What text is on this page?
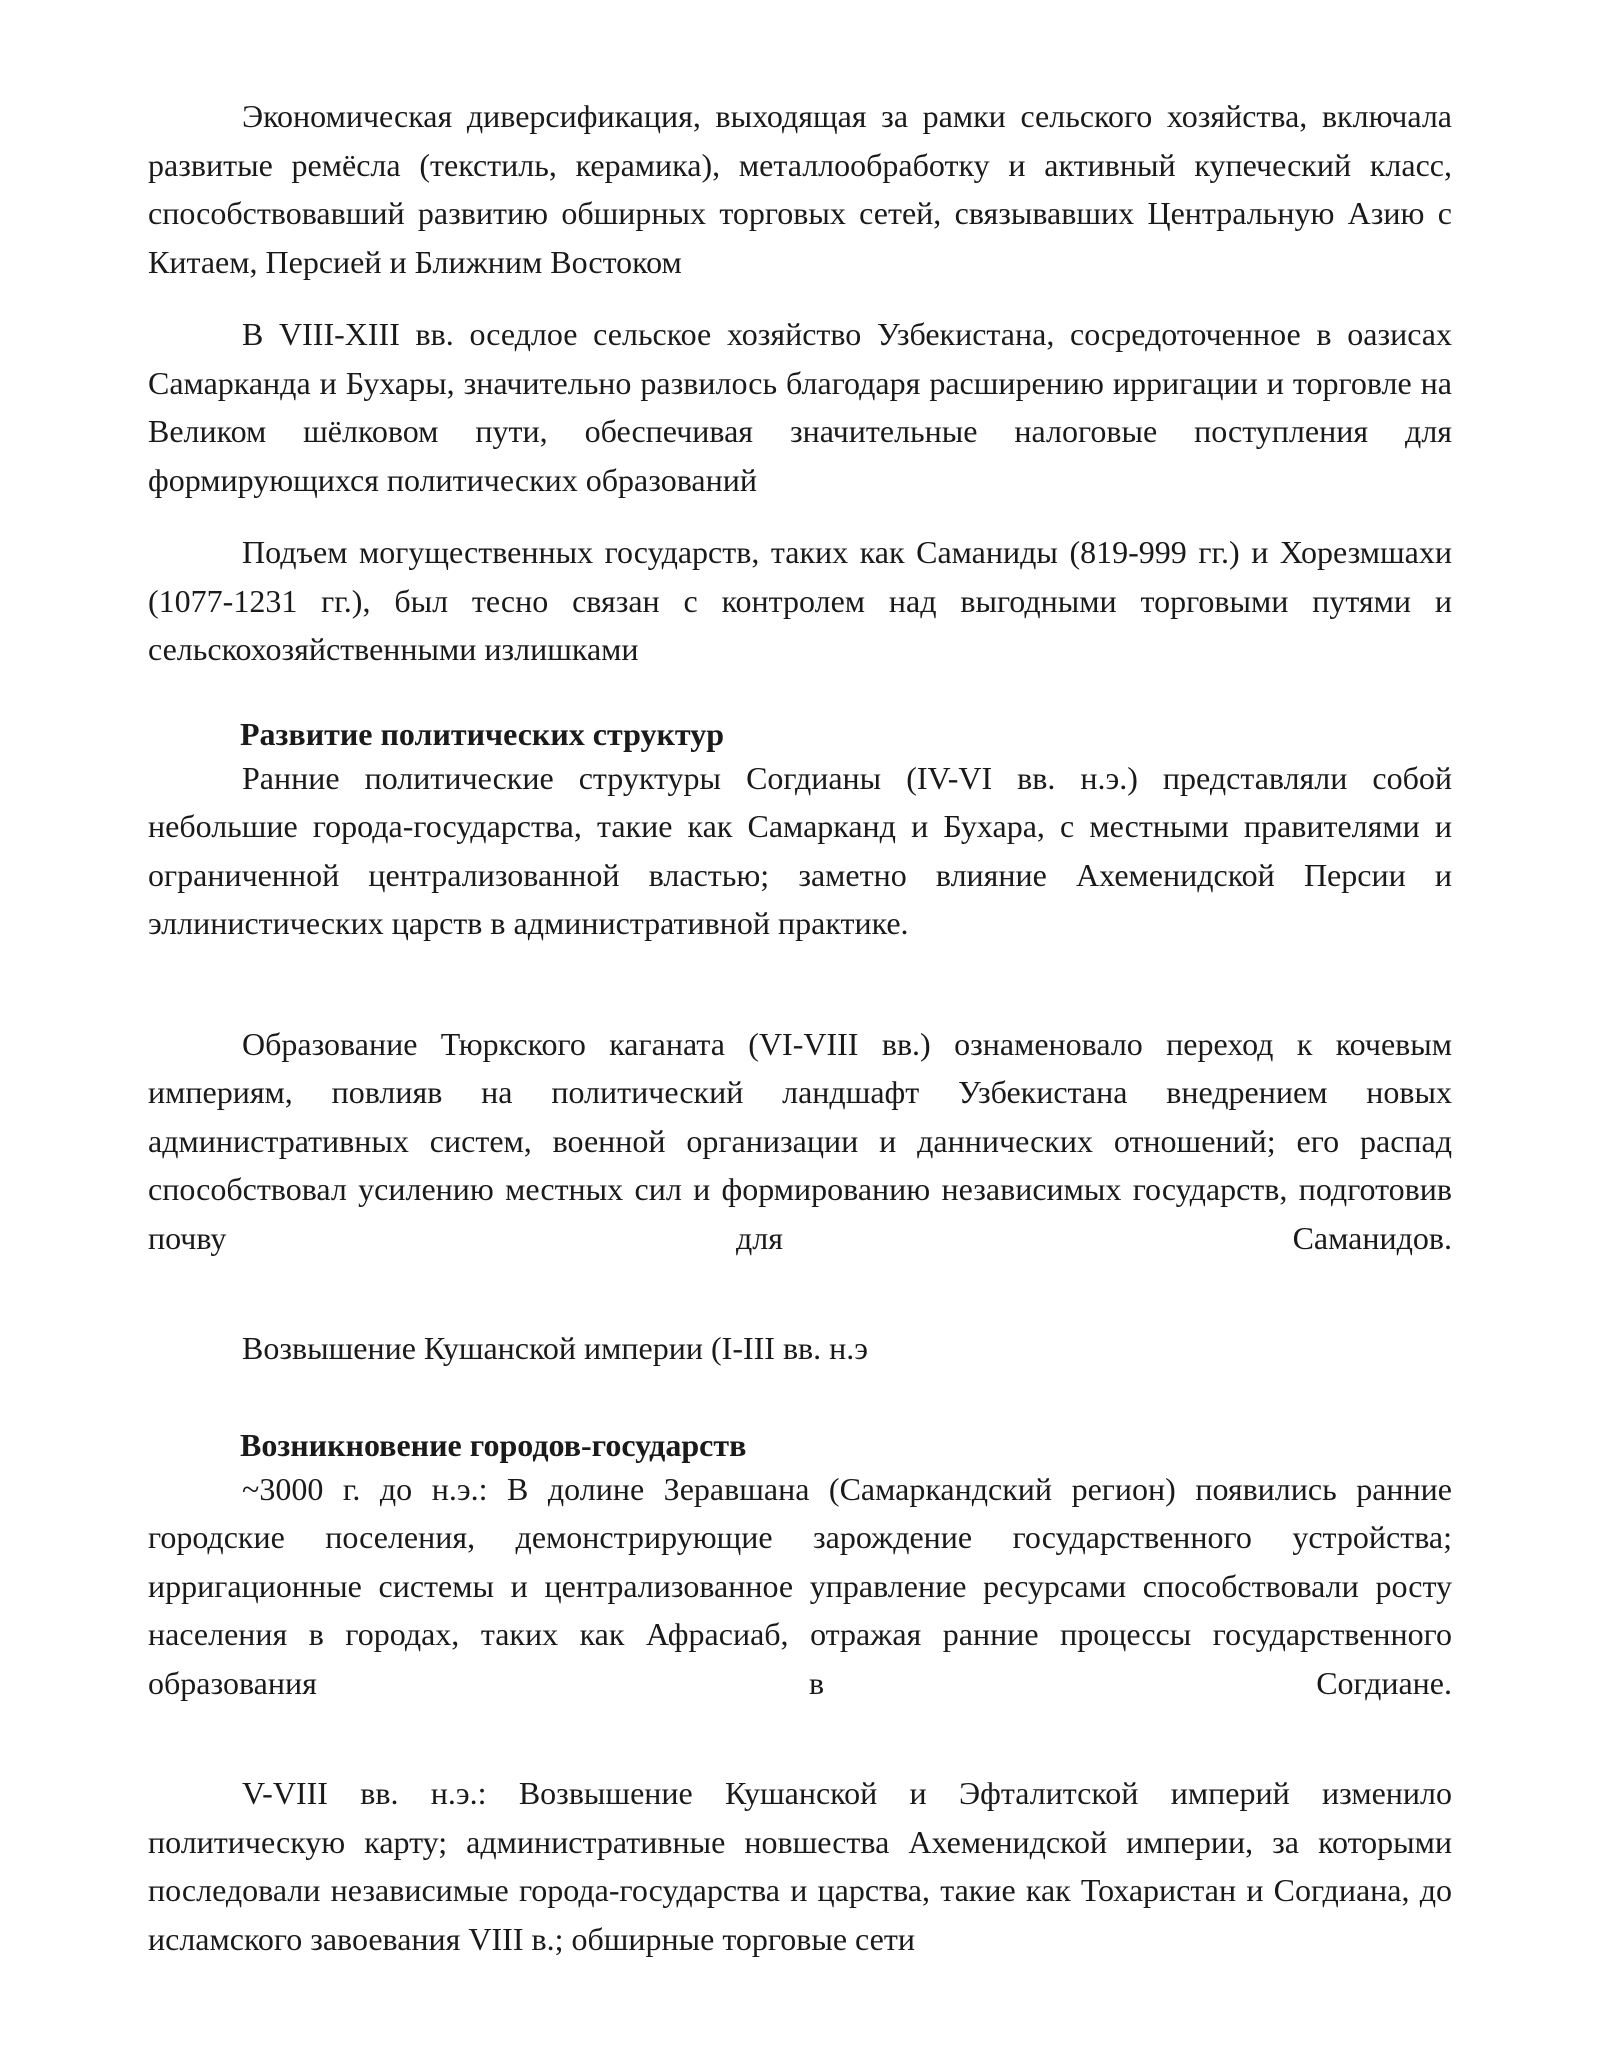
Экономическая диверсификация, выходящая за рамки сельского хозяйства, включала развитые ремёсла (текстиль, керамика), металлообработку и активный купеческий класс, способствовавший развитию обширных торговых сетей, связывавших Центральную Азию с Китаем, Персией и Ближним Востоком

В VIII-XIII вв. оседлое сельское хозяйство Узбекистана, сосредоточенное в оазисах Самарканда и Бухары, значительно развилось благодаря расширению ирригации и торговле на Великом шёлковом пути, обеспечивая значительные налоговые поступления для формирующихся политических образований

Подъем могущественных государств, таких как Саманиды (819-999 гг.) и Хорезмшахи (1077-1231 гг.), был тесно связан с контролем над выгодными торговыми путями и сельскохозяйственными излишками

Развитие политических структур

Ранние политические структуры Согдианы (IV-VI вв. н.э.) представляли собой небольшие города-государства, такие как Самарканд и Бухара, с местными правителями и ограниченной централизованной властью; заметно влияние Ахеменидской Персии и эллинистических царств в административной практике.

Образование Тюркского каганата (VI-VIII вв.) ознаменовало переход к кочевым империям, повлияв на политический ландшафт Узбекистана внедрением новых административных систем, военной организации и даннических отношений; его распад способствовал усилению местных сил и формированию независимых государств, подготовив почву для Саманидов.

Возвышение Кушанской империи (I-III вв. н.э

Возникновение городов-государств

~3000 г. до н.э.: В долине Зеравшана (Самаркандский регион) появились ранние городские поселения, демонстрирующие зарождение государственного устройства; ирригационные системы и централизованное управление ресурсами способствовали росту населения в городах, таких как Афрасиаб, отражая ранние процессы государственного образования в Согдиане.

V-VIII вв. н.э.: Возвышение Кушанской и Эфталитской империй изменило политическую карту; административные новшества Ахеменидской империи, за которыми последовали независимые города-государства и царства, такие как Тохаристан и Согдиана, до исламского завоевания VIII в.; обширные торговые сети
